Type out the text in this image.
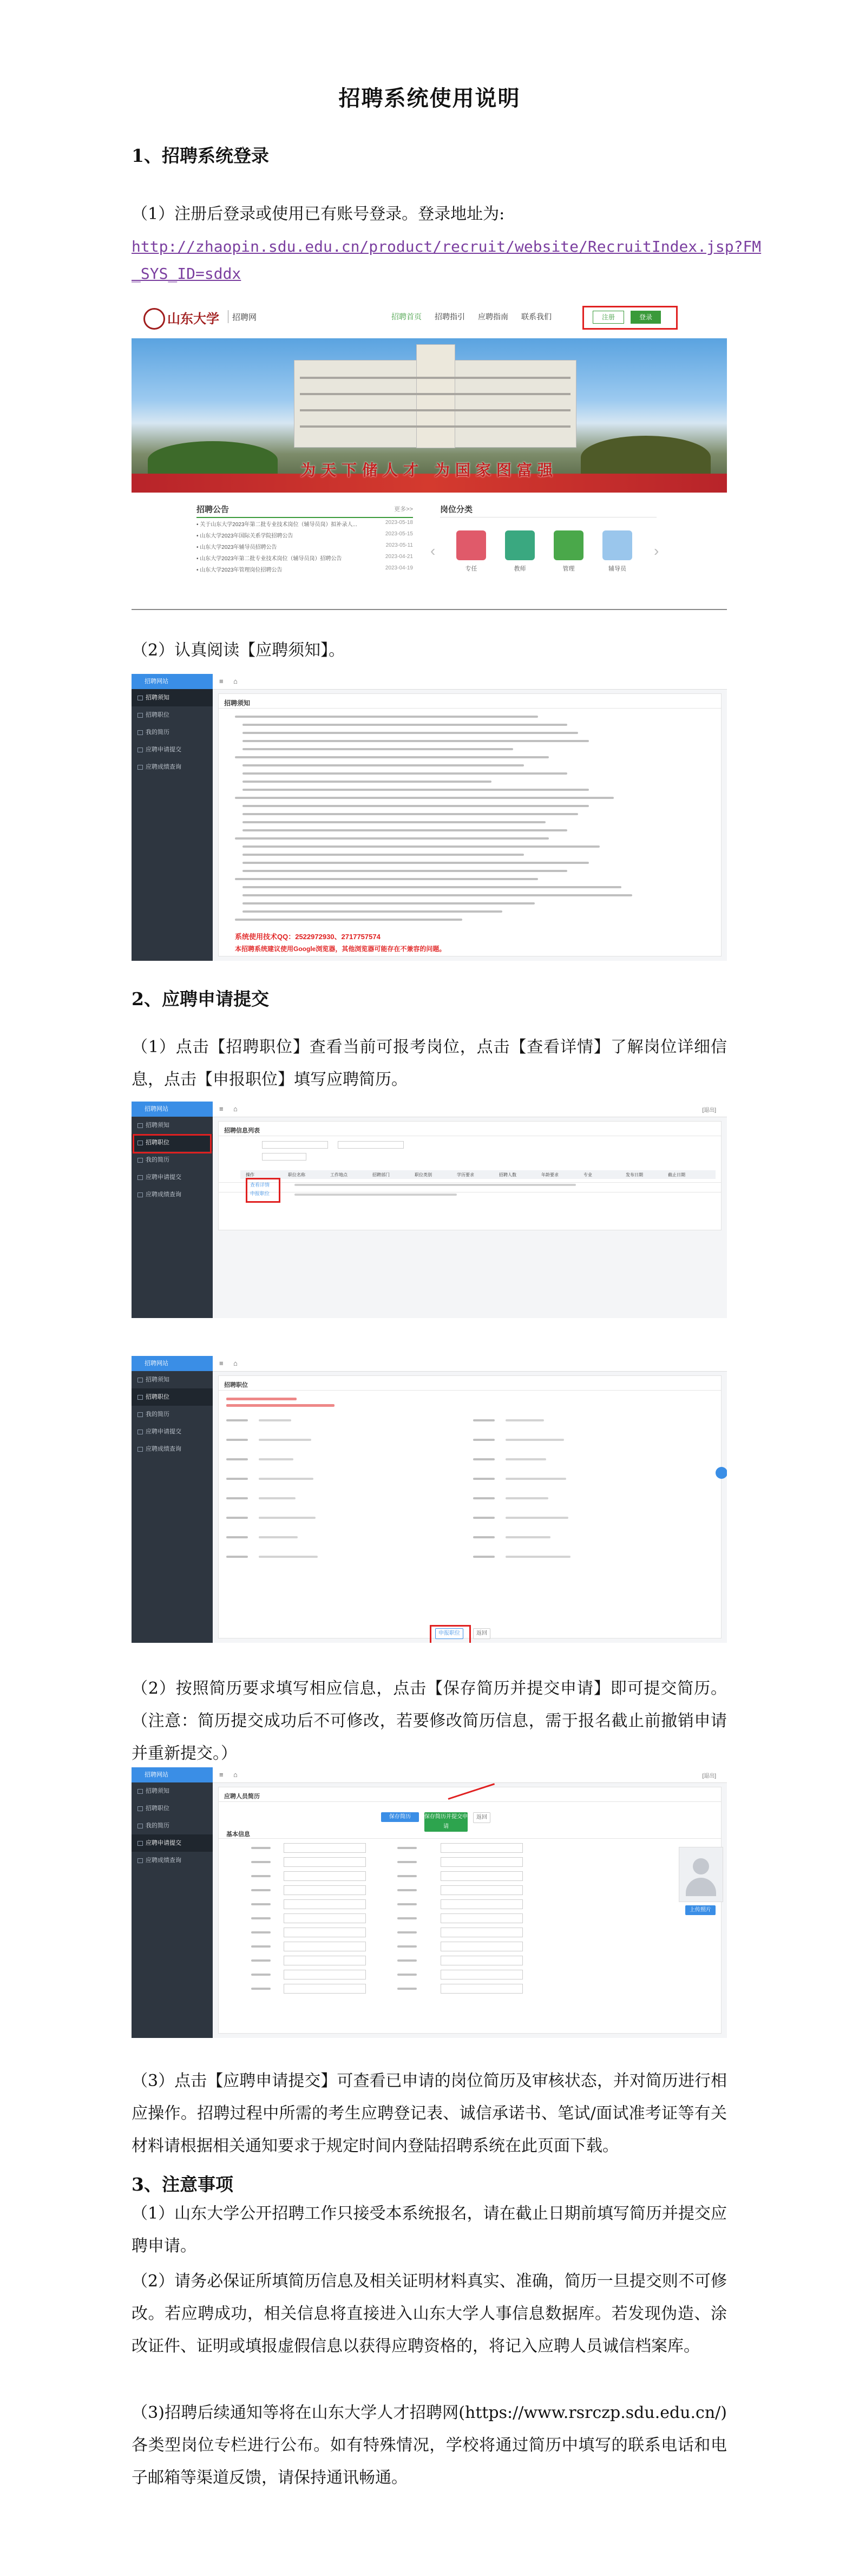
招聘系统使用说明
1、招聘系统登录
（1）注册后登录或使用已有账号登录。登录地址为:
http://zhaopin.sdu.edu.cn/product/recruit/website/RecruitIndex.jsp?FM
_SYS_ID=sddx
山东大学 招聘网	招聘首页 招聘指引 应聘指南 联系我们	注册	登录
为天下储人才 为国家图富强
招聘公告	更多>>
• 关于山东大学2023年第二批专业技术岗位（辅导员岗）拟补录人...	2023-05-18
• 山东大学2023年国际关系学院招聘公告	2023-05-15
• 山东大学2023年辅导员招聘公告	2023-05-11
• 山东大学2023年第二批专业技术岗位（辅导员岗）招聘公告	2023-04-21
• 山东大学2023年管理岗位招聘公告	2023-04-19
岗位分类
‹	›
专任	教师	管理	辅导员
（2）认真阅读【应聘须知】。
招聘网站
招聘须知
招聘职位
我的简历
应聘申请提交
应聘成绩查询
≡ ⌂
招聘须知
系统使用技术QQ：2522972930、2717757574
本招聘系统建议使用Google浏览器，其他浏览器可能存在不兼容的问题。
2、应聘申请提交
（1）点击【招聘职位】查看当前可报考岗位，点击【查看详情】了解岗位详细信息，点击【申报职位】填写应聘简历。
招聘网站
招聘须知
招聘职位
我的简历
应聘申请提交
应聘成绩查询
≡ ⌂	[退出]
招聘信息列表
操作	职位名称	工作地点	招聘部门	职位类别	学历要求	招聘人数	年龄要求	专业	发布日期	截止日期
查看详情
申报职位
招聘网站
招聘须知
招聘职位
我的简历
应聘申请提交
应聘成绩查询
≡ ⌂
招聘职位
申报职位	返回
（2）按照简历要求填写相应信息，点击【保存简历并提交申请】即可提交简历。（注意：简历提交成功后不可修改，若要修改简历信息，需于报名截止前撤销申请并重新提交。）
招聘网站
招聘须知
招聘职位
我的简历
应聘申请提交
应聘成绩查询
≡ ⌂	[退出]
应聘人员简历
保存简历	保存简历并提交申请
返回
基本信息
上传照片
（3）点击【应聘申请提交】可查看已申请的岗位简历及审核状态，并对简历进行相应操作。招聘过程中所需的考生应聘登记表、诚信承诺书、笔试/面试准考证等有关材料请根据相关通知要求于规定时间内登陆招聘系统在此页面下载。
3、注意事项
（1）山东大学公开招聘工作只接受本系统报名，请在截止日期前填写简历并提交应聘申请。
（2）请务必保证所填简历信息及相关证明材料真实、准确，简历一旦提交则不可修改。若应聘成功，相关信息将直接进入山东大学人事信息数据库。若发现伪造、涂改证件、证明或填报虚假信息以获得应聘资格的，将记入应聘人员诚信档案库。
（3)招聘后续通知等将在山东大学人才招聘网(https://www.rsrczp.sdu.edu.cn/)各类型岗位专栏进行公布。如有特殊情况，学校将通过简历中填写的联系电话和电子邮箱等渠道反馈，请保持通讯畅通。
